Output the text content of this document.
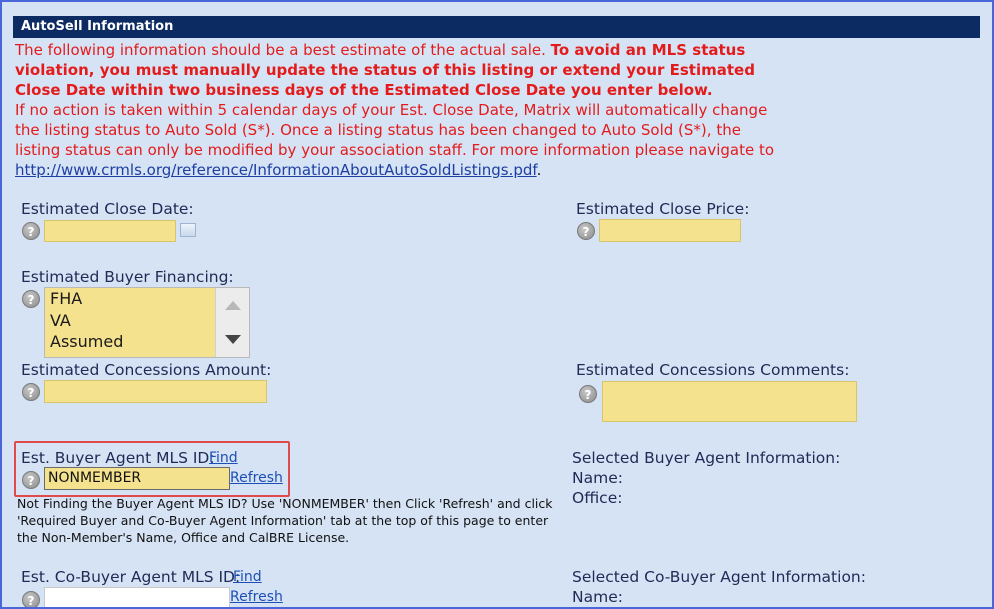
AutoSell Information
The following information should be a best estimate of the actual sale. To avoid an MLS status violation, you must manually update the status of this listing or extend your Estimated Close Date within two business days of the Estimated Close Date you enter below.
If no action is taken within 5 calendar days of your Est. Close Date, Matrix will automatically change the listing status to Auto Sold (S*). Once a listing status has been changed to Auto Sold (S*), the listing status can only be modified by your association staff. For more information please navigate to http://www.crmls.org/reference/InformationAboutAutoSoldListings.pdf.
Estimated Close Date:
?
Estimated Close Price:
?
Estimated Buyer Financing:
? FHA
VA
Assumed
Estimated Concessions Amount:
?
Estimated Concessions Comments:
?
Est. Buyer Agent MLS ID:
Find
? NONMEMBER	Refresh
Not Finding the Buyer Agent MLS ID? Use 'NONMEMBER' then Click 'Refresh' and click 'Required Buyer and Co-Buyer Agent Information' tab at the top of this page to enter the Non-Member's Name, Office and CalBRE License.
Selected Buyer Agent Information:
Name:
Office:
Est. Co-Buyer Agent MLS ID:
Find
?	Refresh
Selected Co-Buyer Agent Information:
Name:
